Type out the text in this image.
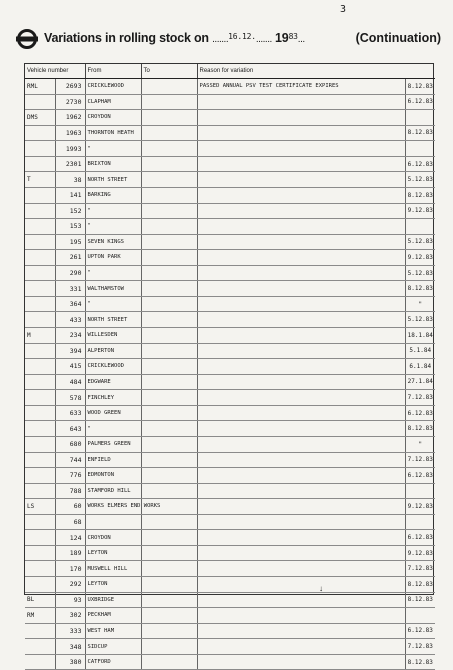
3
Variations in rolling stock on .......$^{16.12.}$....... $19^{83}$...	(Continuation)
Vehicle number		From	To	Reason for variation	
RML	2693	CRICKLEWOOD		PASSED ANNUAL PSV TEST CERTIFICATE EXPIRES	8.12.83
	2730	CLAPHAM			6.12.83
DMS	1962	CROYDON			
	1963	THORNTON HEATH			8.12.83
	1993	"			
	2301	BRIXTON			6.12.83
T	38	NORTH STREET			5.12.83
	141	BARKING			8.12.83
	152	"			9.12.83
	153	"			
	195	SEVEN KINGS			5.12.83
	261	UPTON PARK			9.12.83
	290	"			5.12.83
	331	WALTHAMSTOW			8.12.83
	364	"			"
	433	NORTH STREET			5.12.83
M	234	WILLESDEN			18.1.84
	394	ALPERTON			5.1.84
	415	CRICKLEWOOD			6.1.84
	484	EDGWARE			27.1.84
	578	FINCHLEY			7.12.83
	633	WOOD GREEN			6.12.83
	643	"			8.12.83
	680	PALMERS GREEN			"
	744	ENFIELD			7.12.83
	776	EDMONTON			6.12.83
	788	STAMFORD HILL			
LS	60	WORKS ELMERS END WORKS			9.12.83
	68				
	124	CROYDON			6.12.83
	189	LEYTON			9.12.83
	170	MUSWELL HILL			7.12.83
	292	LEYTON			8.12.83
BL	93	UXBRIDGE			8.12.83
RM	302	PECKHAM			
	333	WEST HAM			6.12.83
	348	SIDCUP			7.12.83
	380	CATFORD			8.12.83
↓
